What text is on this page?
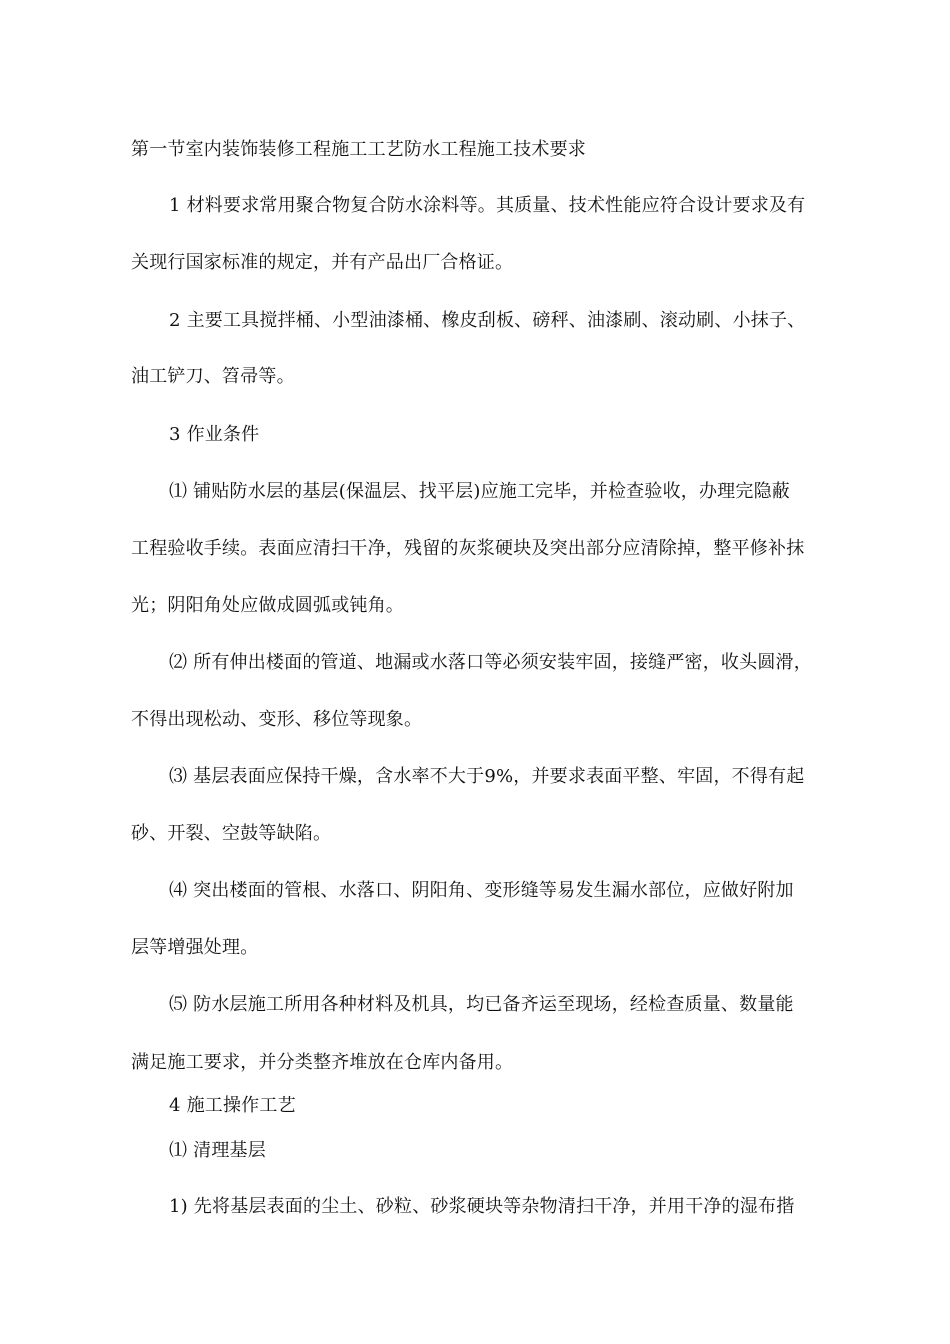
第一节室内装饰装修工程施工工艺防水工程施工技术要求
1 材料要求常用聚合物复合防水涂料等。其质量、技术性能应符合设计要求及有
关现行国家标准的规定，并有产品出厂合格证。
2 主要工具搅拌桶、小型油漆桶、橡皮刮板、磅秤、油漆刷、滚动刷、小抹子、
油工铲刀、笤帚等。
3 作业条件
⑴ 铺贴防水层的基层(保温层、找平层)应施工完毕，并检查验收，办理完隐蔽
工程验收手续。表面应清扫干净，残留的灰浆硬块及突出部分应清除掉，整平修补抹
光；阴阳角处应做成圆弧或钝角。
⑵ 所有伸出楼面的管道、地漏或水落口等必须安装牢固，接缝严密，收头圆滑，
不得出现松动、变形、移位等现象。
⑶ 基层表面应保持干燥，含水率不大于9%，并要求表面平整、牢固，不得有起
砂、开裂、空鼓等缺陷。
⑷ 突出楼面的管根、水落口、阴阳角、变形缝等易发生漏水部位，应做好附加
层等增强处理。
⑸ 防水层施工所用各种材料及机具，均已备齐运至现场，经检查质量、数量能
满足施工要求，并分类整齐堆放在仓库内备用。
4 施工操作工艺
⑴ 清理基层
1) 先将基层表面的尘土、砂粒、砂浆硬块等杂物清扫干净，并用干净的湿布揩
